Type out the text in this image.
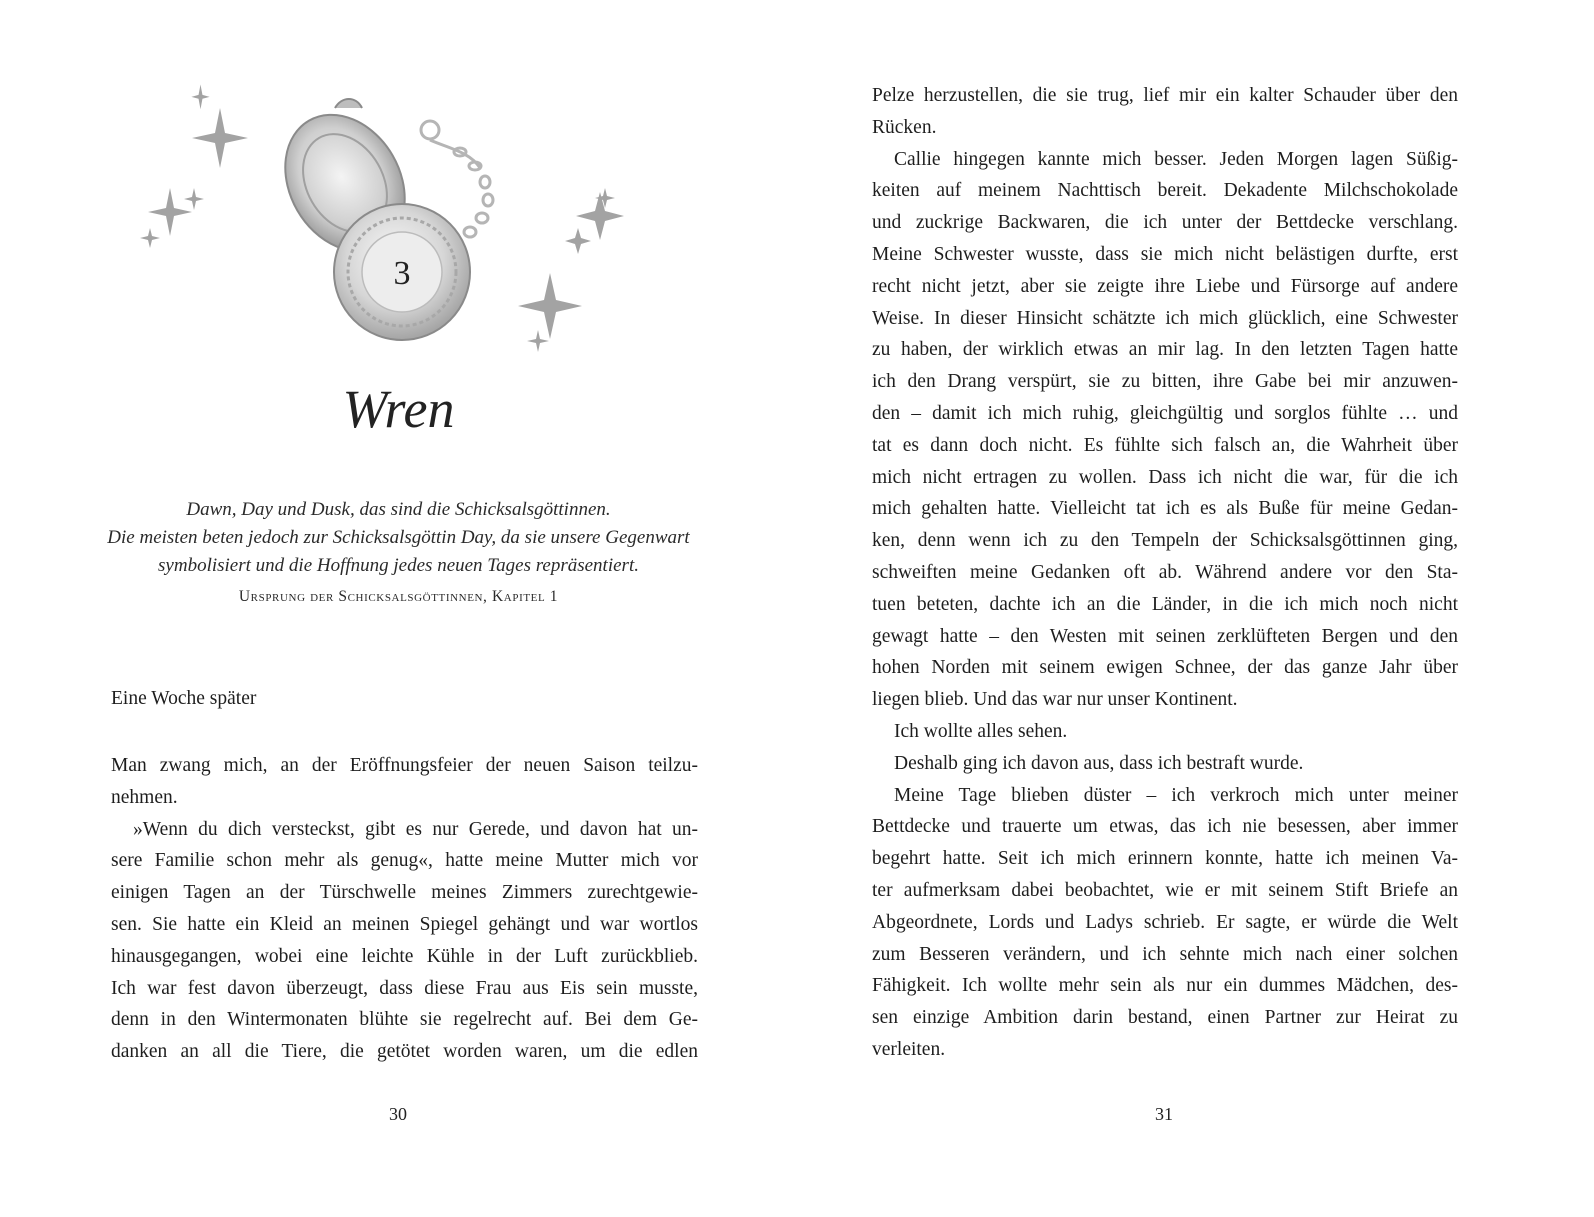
3
Wren
Dawn, Day und Dusk, das sind die Schicksalsgöttinnen.
Die meisten beten jedoch zur Schicksalsgöttin Day, da sie unsere Gegenwart
symbolisiert und die Hoffnung jedes neuen Tages repräsentiert.
Ursprung der Schicksalsgöttinnen, Kapitel 1
Eine Woche später

Man zwang mich, an der Eröffnungsfeier der neuen Saison teilzu-

nehmen.

»Wenn du dich versteckst, gibt es nur Gerede, und davon hat un-

sere Familie schon mehr als genug«, hatte meine Mutter mich vor

einigen Tagen an der Türschwelle meines Zimmers zurechtgewie-

sen. Sie hatte ein Kleid an meinen Spiegel gehängt und war wortlos

hinausgegangen, wobei eine leichte Kühle in der Luft zurückblieb.

Ich war fest davon überzeugt, dass diese Frau aus Eis sein musste,

denn in den Wintermonaten blühte sie regelrecht auf. Bei dem Ge-

danken an all die Tiere, die getötet worden waren, um die edlen

30

Pelze herzustellen, die sie trug, lief mir ein kalter Schauder über den

Rücken.

Callie hingegen kannte mich besser. Jeden Morgen lagen Süßig-

keiten auf meinem Nachttisch bereit. Dekadente Milchschokolade

und zuckrige Backwaren, die ich unter der Bettdecke verschlang.

Meine Schwester wusste, dass sie mich nicht belästigen durfte, erst

recht nicht jetzt, aber sie zeigte ihre Liebe und Fürsorge auf andere

Weise. In dieser Hinsicht schätzte ich mich glücklich, eine Schwester

zu haben, der wirklich etwas an mir lag. In den letzten Tagen hatte

ich den Drang verspürt, sie zu bitten, ihre Gabe bei mir anzuwen-

den – damit ich mich ruhig, gleichgültig und sorglos fühlte … und

tat es dann doch nicht. Es fühlte sich falsch an, die Wahrheit über

mich nicht ertragen zu wollen. Dass ich nicht die war, für die ich

mich gehalten hatte. Vielleicht tat ich es als Buße für meine Gedan-

ken, denn wenn ich zu den Tempeln der Schicksalsgöttinnen ging,

schweiften meine Gedanken oft ab. Während andere vor den Sta-

tuen beteten, dachte ich an die Länder, in die ich mich noch nicht

gewagt hatte – den Westen mit seinen zerklüfteten Bergen und den

hohen Norden mit seinem ewigen Schnee, der das ganze Jahr über

liegen blieb. Und das war nur unser Kontinent.

Ich wollte alles sehen.

Deshalb ging ich davon aus, dass ich bestraft wurde.

Meine Tage blieben düster – ich verkroch mich unter meiner

Bettdecke und trauerte um etwas, das ich nie besessen, aber immer

begehrt hatte. Seit ich mich erinnern konnte, hatte ich meinen Va-

ter aufmerksam dabei beobachtet, wie er mit seinem Stift Briefe an

Abgeordnete, Lords und Ladys schrieb. Er sagte, er würde die Welt

zum Besseren verändern, und ich sehnte mich nach einer solchen

Fähigkeit. Ich wollte mehr sein als nur ein dummes Mädchen, des-

sen einzige Ambition darin bestand, einen Partner zur Heirat zu

verleiten.

31
